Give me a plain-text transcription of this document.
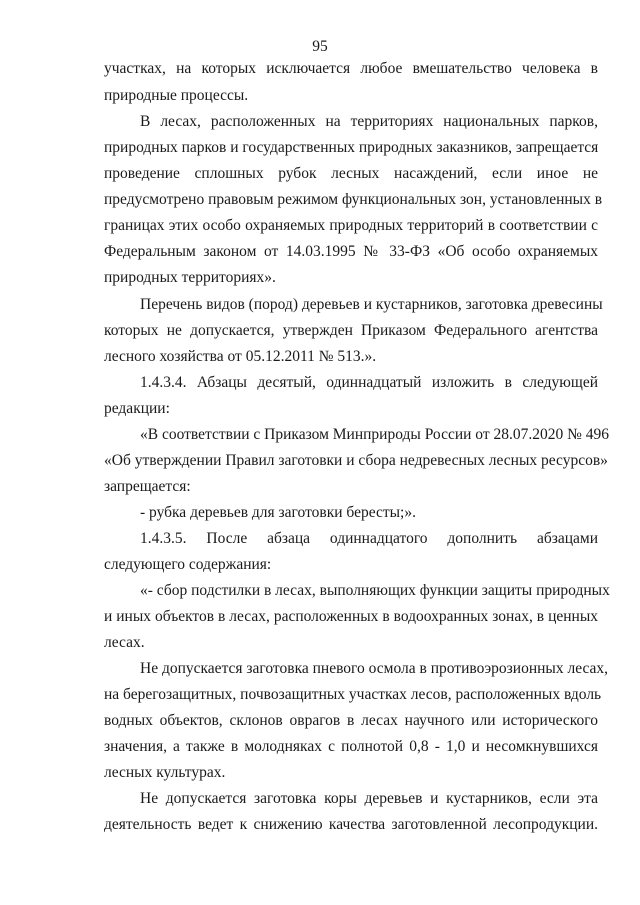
95
участках, на которых исключается любое вмешательство человека в
природные процессы.
В лесах, расположенных на территориях национальных парков,
природных парков и государственных природных заказников, запрещается
проведение сплошных рубок лесных насаждений, если иное не
предусмотрено правовым режимом функциональных зон, установленных в
границах этих особо охраняемых природных территорий в соответствии с
Федеральным законом от 14.03.1995 № 33-ФЗ «Об особо охраняемых
природных территориях».
Перечень видов (пород) деревьев и кустарников, заготовка древесины
которых не допускается, утвержден Приказом Федерального агентства
лесного хозяйства от 05.12.2011 № 513.».
1.4.3.4. Абзацы десятый, одиннадцатый изложить в следующей
редакции:
«В соответствии с Приказом Минприроды России от 28.07.2020 № 496
«Об утверждении Правил заготовки и сбора недревесных лесных ресурсов»
запрещается:
- рубка деревьев для заготовки бересты;».
1.4.3.5. После абзаца одиннадцатого дополнить абзацами
следующего содержания:
«- сбор подстилки в лесах, выполняющих функции защиты природных
и иных объектов в лесах, расположенных в водоохранных зонах, в ценных
лесах.
Не допускается заготовка пневого осмола в противоэрозионных лесах,
на берегозащитных, почвозащитных участках лесов, расположенных вдоль
водных объектов, склонов оврагов в лесах научного или исторического
значения, а также в молодняках с полнотой 0,8 - 1,0 и несомкнувшихся
лесных культурах.
Не допускается заготовка коры деревьев и кустарников, если эта
деятельность ведет к снижению качества заготовленной лесопродукции.
